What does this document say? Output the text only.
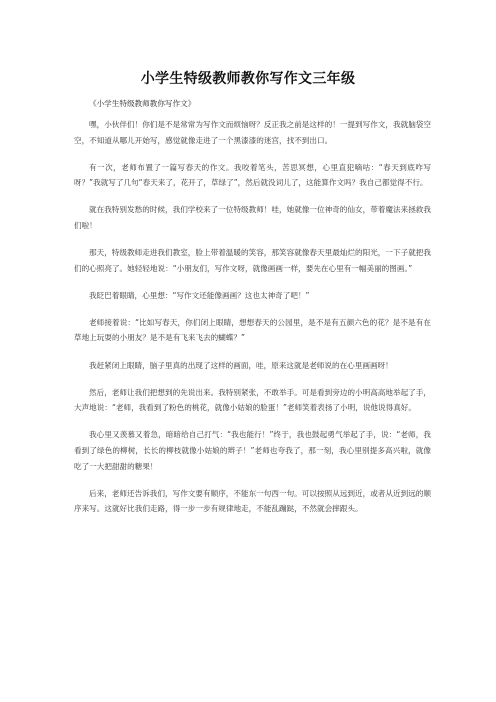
小学生特级教师教你写作文三年级
《小学生特级教师教你写作文》

嘿，小伙伴们！你们是不是常常为写作文而烦恼呀？反正我之前是这样的！一提到写作文，我就脑袋空空，不知道从哪儿开始写，感觉就像走进了一个黑漆漆的迷宫，找不到出口。

有一次，老师布置了一篇写春天的作文。我咬着笔头，苦思冥想，心里直犯嘀咕：“春天到底咋写呀？”我就写了几句“春天来了，花开了，草绿了”，然后就没词儿了，这能算作文吗？我自己都觉得不行。

就在我特别发愁的时候，我们学校来了一位特级教师！哇，她就像一位神奇的仙女，带着魔法来拯救我们啦！

那天，特级教师走进我们教室，脸上带着温暖的笑容，那笑容就像春天里最灿烂的阳光，一下子就把我们的心照亮了。她轻轻地说：“小朋友们，写作文呀，就像画画一样，要先在心里有一幅美丽的图画。”

我眨巴着眼睛，心里想：“写作文还能像画画？这也太神奇了吧！”

老师接着说：“比如写春天，你们闭上眼睛，想想春天的公园里，是不是有五颜六色的花？是不是有在草地上玩耍的小朋友？是不是有飞来飞去的蝴蝶？”

我赶紧闭上眼睛，脑子里真的出现了这样的画面，哇，原来这就是老师说的在心里画画呀！

然后，老师让我们把想到的先说出来。我特别紧张，不敢举手。可是看到旁边的小明高高地举起了手，大声地说：“老师，我看到了粉色的桃花，就像小姑娘的脸蛋！”老师笑着表扬了小明，说他说得真好。

我心里又羡慕又着急，暗暗给自己打气：“我也能行！”终于，我也鼓起勇气举起了手，说：“老师，我看到了绿色的柳树，长长的柳枝就像小姑娘的辫子！”老师也夸我了，那一刻，我心里别提多高兴啦，就像吃了一大把甜甜的糖果！

后来，老师还告诉我们，写作文要有顺序，不能东一句西一句。可以按照从远到近，或者从近到远的顺序来写。这就好比我们走路，得一步一步有规律地走，不能乱蹦跶，不然就会摔跟头。
